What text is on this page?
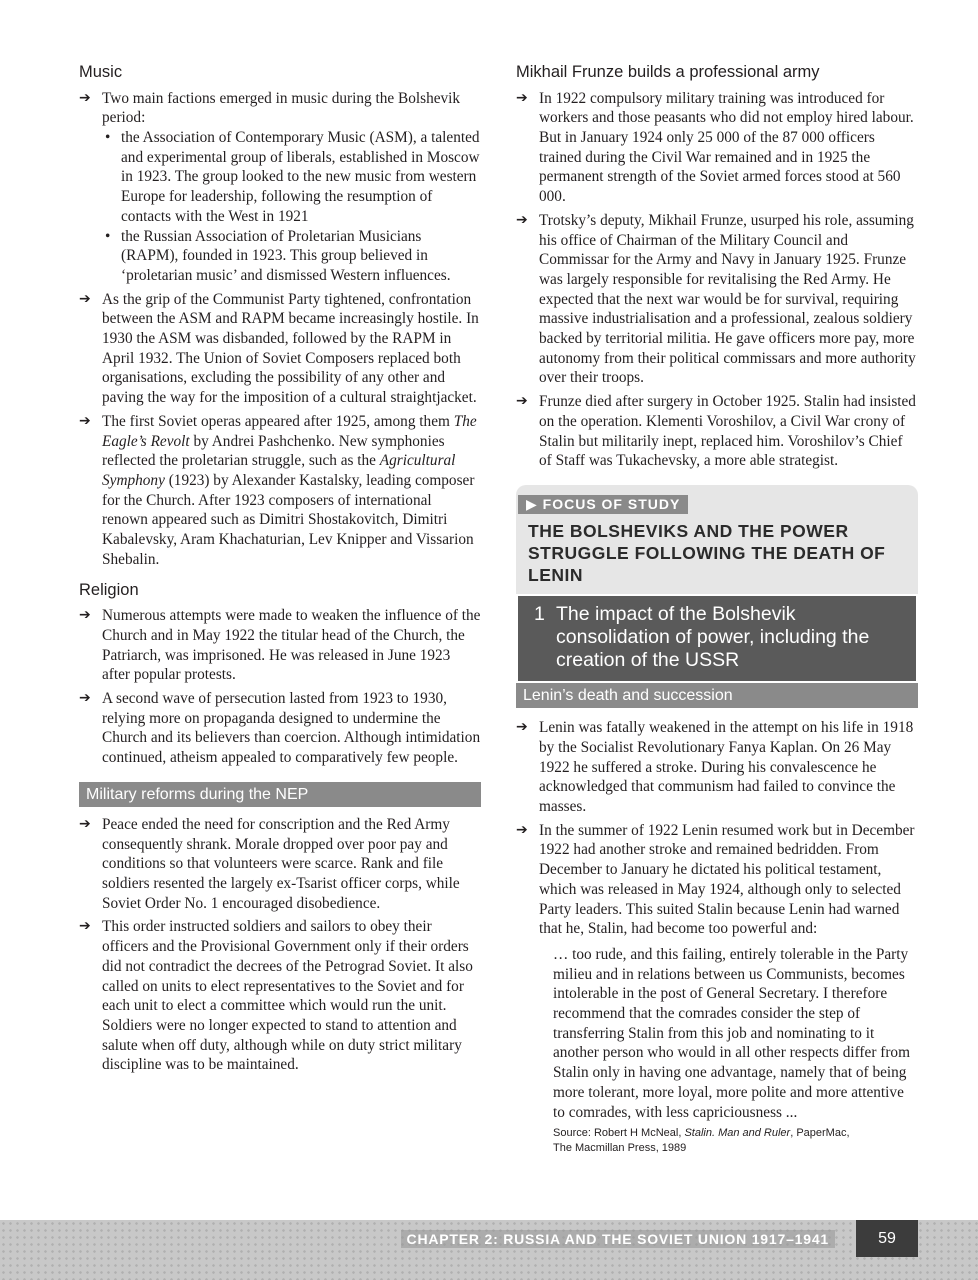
Music
➔ Two main factions emerged in music during the Bolshevik period:
• the Association of Contemporary Music (ASM), a talented and experimental group of liberals, established in Moscow in 1923. The group looked to the new music from western Europe for leadership, following the resumption of contacts with the West in 1921
• the Russian Association of Proletarian Musicians (RAPM), founded in 1923. This group believed in ‘proletarian music’ and dismissed Western influences.
➔ As the grip of the Communist Party tightened, confrontation between the ASM and RAPM became increasingly hostile. In 1930 the ASM was disbanded, followed by the RAPM in April 1932. The Union of Soviet Composers replaced both organisations, excluding the possibility of any other and paving the way for the imposition of a cultural straightjacket.
➔ The first Soviet operas appeared after 1925, among them The Eagle’s Revolt by Andrei Pashchenko. New symphonies reflected the proletarian struggle, such as the Agricultural Symphony (1923) by Alexander Kastalsky, leading composer for the Church. After 1923 composers of international renown appeared such as Dimitri Shostakovitch, Dimitri Kabalevsky, Aram Khachaturian, Lev Knipper and Vissarion Shebalin.
Religion
➔ Numerous attempts were made to weaken the influence of the Church and in May 1922 the titular head of the Church, the Patriarch, was imprisoned. He was released in June 1923 after popular protests.
➔ A second wave of persecution lasted from 1923 to 1930, relying more on propaganda designed to undermine the Church and its believers than coercion. Although intimidation continued, atheism appealed to comparatively few people.
Military reforms during the NEP
➔ Peace ended the need for conscription and the Red Army consequently shrank. Morale dropped over poor pay and conditions so that volunteers were scarce. Rank and file soldiers resented the largely ex-Tsarist officer corps, while Soviet Order No. 1 encouraged disobedience.
➔ This order instructed soldiers and sailors to obey their officers and the Provisional Government only if their orders did not contradict the decrees of the Petrograd Soviet. It also called on units to elect representatives to the Soviet and for each unit to elect a committee which would run the unit. Soldiers were no longer expected to stand to attention and salute when off duty, although while on duty strict military discipline was to be maintained.
Mikhail Frunze builds a professional army
➔ In 1922 compulsory military training was introduced for workers and those peasants who did not employ hired labour. But in January 1924 only 25 000 of the 87 000 officers trained during the Civil War remained and in 1925 the permanent strength of the Soviet armed forces stood at 560 000.
➔ Trotsky’s deputy, Mikhail Frunze, usurped his role, assuming his office of Chairman of the Military Council and Commissar for the Army and Navy in January 1925. Frunze was largely responsible for revitalising the Red Army. He expected that the next war would be for survival, requiring massive industrialisation and a professional, zealous soldiery backed by territorial militia. He gave officers more pay, more autonomy from their political commissars and more authority over their troops.
➔ Frunze died after surgery in October 1925. Stalin had insisted on the operation. Klementi Voroshilov, a Civil War crony of Stalin but militarily inept, replaced him. Voroshilov’s Chief of Staff was Tukachevsky, a more able strategist.
▶ FOCUS OF STUDY
THE BOLSHEVIKS AND THE POWER STRUGGLE FOLLOWING THE DEATH OF LENIN
1 The impact of the Bolshevik consolidation of power, including the creation of the USSR
Lenin’s death and succession
➔ Lenin was fatally weakened in the attempt on his life in 1918 by the Socialist Revolutionary Fanya Kaplan. On 26 May 1922 he suffered a stroke. During his convalescence he acknowledged that communism had failed to convince the masses.
➔ In the summer of 1922 Lenin resumed work but in December 1922 had another stroke and remained bedridden. From December to January he dictated his political testament, which was released in May 1924, although only to selected Party leaders. This suited Stalin because Lenin had warned that he, Stalin, had become too powerful and:
… too rude, and this failing, entirely tolerable in the Party milieu and in relations between us Communists, becomes intolerable in the post of General Secretary. I therefore recommend that the comrades consider the step of transferring Stalin from this job and nominating to it another person who would in all other respects differ from Stalin only in having one advantage, namely that of being more tolerant, more loyal, more polite and more attentive to comrades, with less capriciousness ...
Source: Robert H McNeal, Stalin. Man and Ruler, PaperMac,
The Macmillan Press, 1989
CHAPTER 2: RUSSIA AND THE SOVIET UNION 1917–1941	59
